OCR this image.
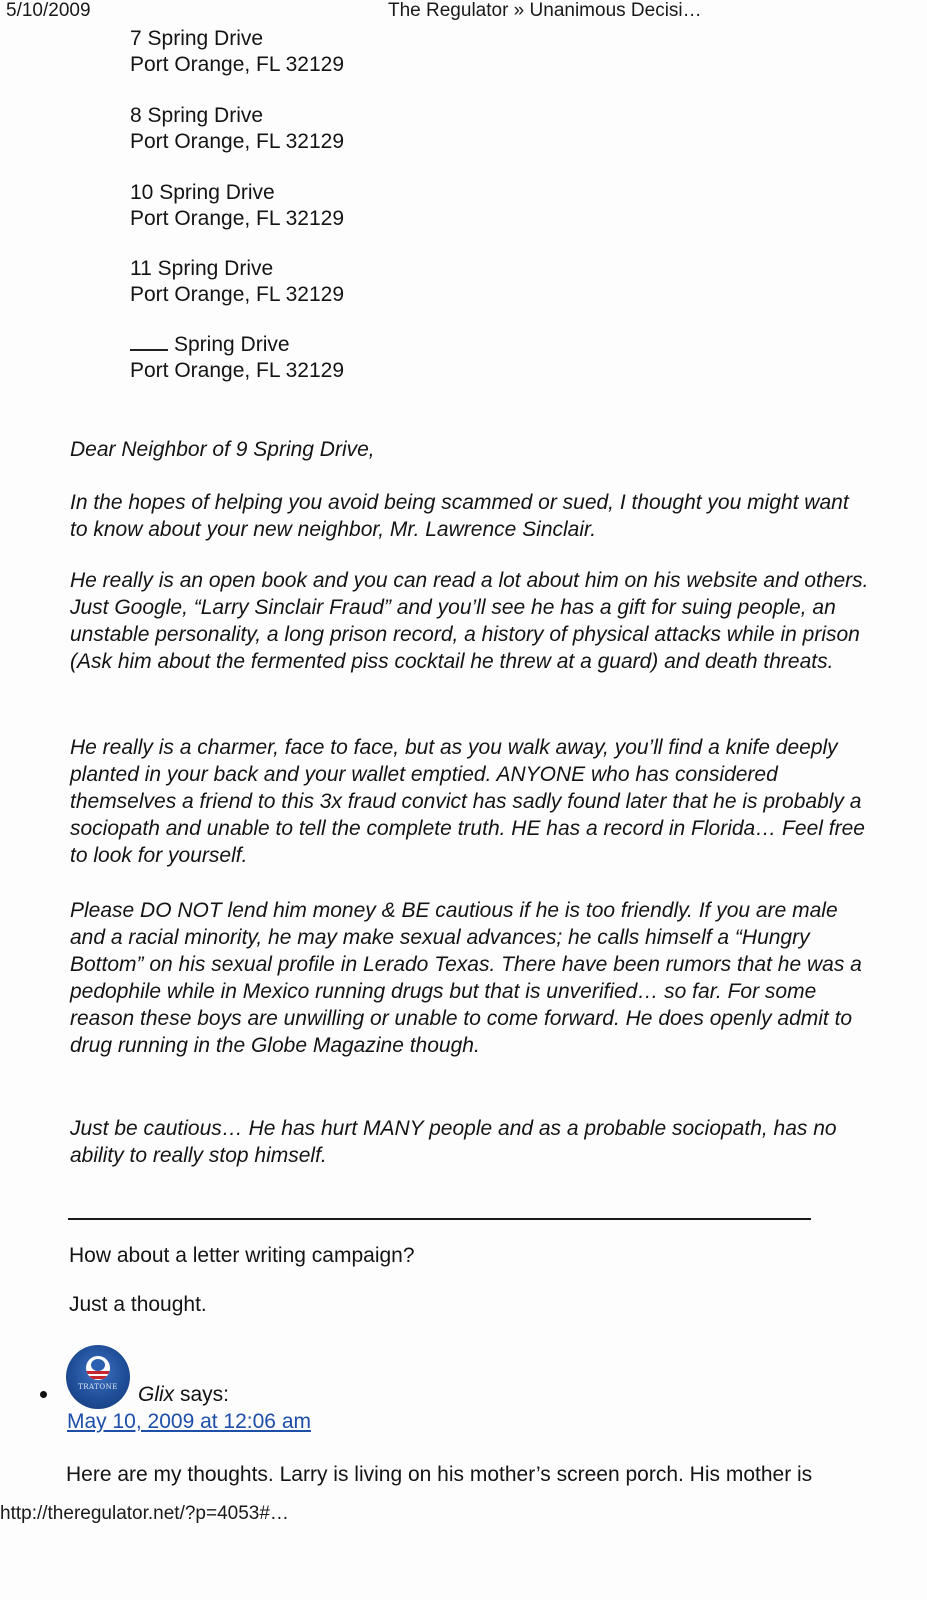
5/10/2009	The Regulator » Unanimous Decisi…
7 Spring Drive
Port Orange, FL 32129
8 Spring Drive
Port Orange, FL 32129
10 Spring Drive
Port Orange, FL 32129
11 Spring Drive
Port Orange, FL 32129
Spring Drive
Port Orange, FL 32129

Dear Neighbor of 9 Spring Drive,

In the hopes of helping you avoid being scammed or sued, I thought you might want to know about your new neighbor, Mr. Lawrence Sinclair.

He really is an open book and you can read a lot about him on his website and others. Just Google, “Larry Sinclair Fraud” and you’ll see he has a gift for suing people, an unstable personality, a long prison record, a history of physical attacks while in prison (Ask him about the fermented piss cocktail he threw at a guard) and death threats.

He really is a charmer, face to face, but as you walk away, you’ll find a knife deeply planted in your back and your wallet emptied. ANYONE who has considered themselves a friend to this 3x fraud convict has sadly found later that he is probably a sociopath and unable to tell the complete truth. HE has a record in Florida… Feel free to look for yourself.

Please DO NOT lend him money & BE cautious if he is too friendly. If you are male and a racial minority, he may make sexual advances; he calls himself a “Hungry Bottom” on his sexual profile in Lerado Texas. There have been rumors that he was a pedophile while in Mexico running drugs but that is unverified… so far. For some reason these boys are unwilling or unable to come forward. He does openly admit to drug running in the Globe Magazine though.

Just be cautious… He has hurt MANY people and as a probable sociopath, has no ability to really stop himself.

How about a letter writing campaign?
Just a thought.
TRATONE Glix says:
May 10, 2009 at 12:06 am
Here are my thoughts. Larry is living on his mother’s screen porch. His mother is
http://theregulator.net/?p=4053#…
